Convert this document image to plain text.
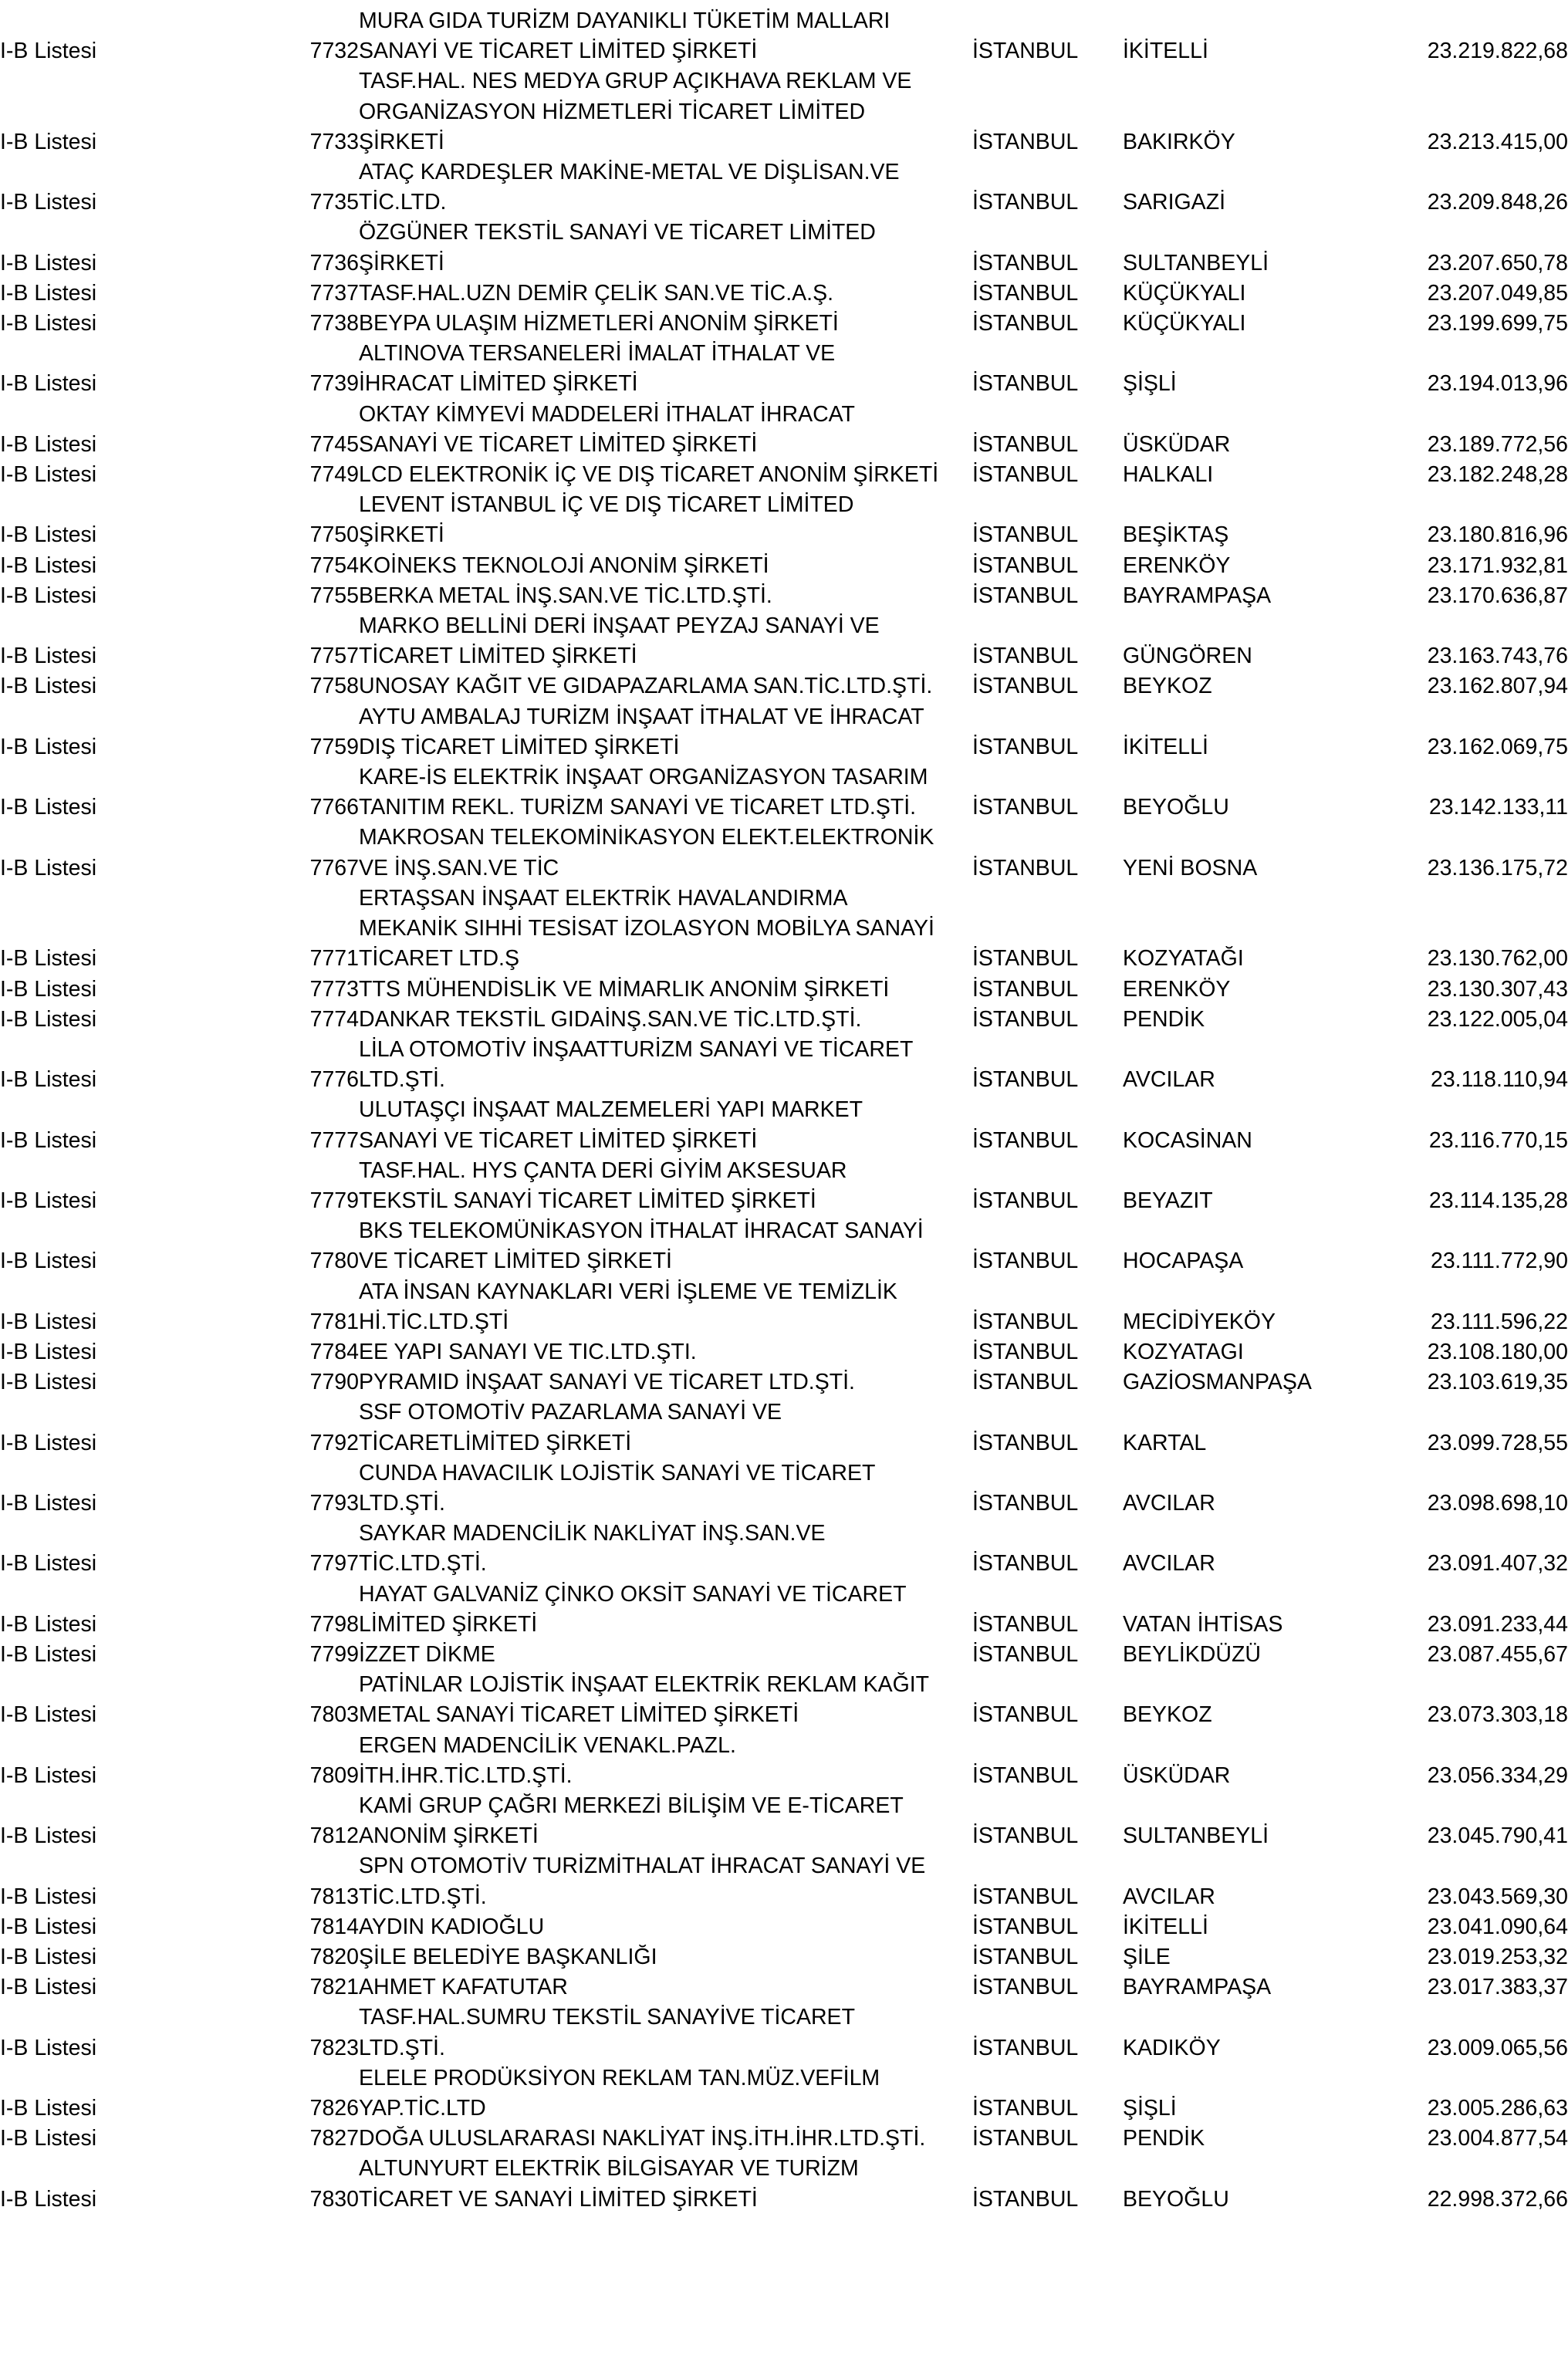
		MURA GIDA TURİZM DAYANIKLI TÜKETİM MALLARI			
I-B Listesi	7732	SANAYİ VE TİCARET LİMİTED ŞİRKETİ	İSTANBUL	İKİTELLİ	23.219.822,68
		TASF.HAL. NES MEDYA GRUP AÇIKHAVA REKLAM VE			
		ORGANİZASYON HİZMETLERİ TİCARET LİMİTED			
I-B Listesi	7733	ŞİRKETİ	İSTANBUL	BAKIRKÖY	23.213.415,00
		ATAÇ KARDEŞLER MAKİNE-METAL VE DİŞLİSAN.VE			
I-B Listesi	7735	TİC.LTD.	İSTANBUL	SARIGAZİ	23.209.848,26
		ÖZGÜNER TEKSTİL SANAYİ VE TİCARET LİMİTED			
I-B Listesi	7736	ŞİRKETİ	İSTANBUL	SULTANBEYLİ	23.207.650,78
I-B Listesi	7737	TASF.HAL.UZN DEMİR ÇELİK SAN.VE TİC.A.Ş.	İSTANBUL	KÜÇÜKYALI	23.207.049,85
I-B Listesi	7738	BEYPA ULAŞIM HİZMETLERİ ANONİM ŞİRKETİ	İSTANBUL	KÜÇÜKYALI	23.199.699,75
		ALTINOVA TERSANELERİ İMALAT İTHALAT VE			
I-B Listesi	7739	İHRACAT LİMİTED ŞİRKETİ	İSTANBUL	ŞİŞLİ	23.194.013,96
		OKTAY KİMYEVİ MADDELERİ İTHALAT İHRACAT			
I-B Listesi	7745	SANAYİ VE TİCARET LİMİTED ŞİRKETİ	İSTANBUL	ÜSKÜDAR	23.189.772,56
I-B Listesi	7749	LCD ELEKTRONİK İÇ VE DIŞ TİCARET ANONİM ŞİRKETİ	İSTANBUL	HALKALI	23.182.248,28
		LEVENT İSTANBUL İÇ VE DIŞ TİCARET LİMİTED			
I-B Listesi	7750	ŞİRKETİ	İSTANBUL	BEŞİKTAŞ	23.180.816,96
I-B Listesi	7754	KOİNEKS TEKNOLOJİ ANONİM ŞİRKETİ	İSTANBUL	ERENKÖY	23.171.932,81
I-B Listesi	7755	BERKA METAL İNŞ.SAN.VE TİC.LTD.ŞTİ.	İSTANBUL	BAYRAMPAŞA	23.170.636,87
		MARKO BELLİNİ DERİ İNŞAAT PEYZAJ SANAYİ VE			
I-B Listesi	7757	TİCARET LİMİTED ŞİRKETİ	İSTANBUL	GÜNGÖREN	23.163.743,76
I-B Listesi	7758	UNOSAY KAĞIT VE GIDAPAZARLAMA SAN.TİC.LTD.ŞTİ.	İSTANBUL	BEYKOZ	23.162.807,94
		AYTU AMBALAJ TURİZM İNŞAAT İTHALAT VE İHRACAT			
I-B Listesi	7759	DIŞ TİCARET LİMİTED ŞİRKETİ	İSTANBUL	İKİTELLİ	23.162.069,75
		KARE-İS ELEKTRİK İNŞAAT ORGANİZASYON TASARIM			
I-B Listesi	7766	TANITIM REKL. TURİZM SANAYİ VE TİCARET LTD.ŞTİ.	İSTANBUL	BEYOĞLU	23.142.133,11
		MAKROSAN TELEKOMİNİKASYON ELEKT.ELEKTRONİK			
I-B Listesi	7767	VE İNŞ.SAN.VE TİC	İSTANBUL	YENİ BOSNA	23.136.175,72
		ERTAŞSAN İNŞAAT ELEKTRİK HAVALANDIRMA			
		MEKANİK SIHHİ TESİSAT İZOLASYON MOBİLYA SANAYİ			
I-B Listesi	7771	TİCARET LTD.Ş	İSTANBUL	KOZYATAĞI	23.130.762,00
I-B Listesi	7773	TTS MÜHENDİSLİK VE MİMARLIK ANONİM ŞİRKETİ	İSTANBUL	ERENKÖY	23.130.307,43
I-B Listesi	7774	DANKAR TEKSTİL GIDAİNŞ.SAN.VE TİC.LTD.ŞTİ.	İSTANBUL	PENDİK	23.122.005,04
		LİLA OTOMOTİV İNŞAATTURİZM SANAYİ VE TİCARET			
I-B Listesi	7776	LTD.ŞTİ.	İSTANBUL	AVCILAR	23.118.110,94
		ULUTAŞÇI İNŞAAT MALZEMELERİ YAPI MARKET			
I-B Listesi	7777	SANAYİ VE TİCARET LİMİTED ŞİRKETİ	İSTANBUL	KOCASİNAN	23.116.770,15
		TASF.HAL. HYS ÇANTA DERİ GİYİM AKSESUAR			
I-B Listesi	7779	TEKSTİL SANAYİ TİCARET LİMİTED ŞİRKETİ	İSTANBUL	BEYAZIT	23.114.135,28
		BKS TELEKOMÜNİKASYON İTHALAT İHRACAT SANAYİ			
I-B Listesi	7780	VE TİCARET LİMİTED ŞİRKETİ	İSTANBUL	HOCAPAŞA	23.111.772,90
		ATA İNSAN KAYNAKLARI VERİ İŞLEME VE TEMİZLİK			
I-B Listesi	7781	Hİ.TİC.LTD.ŞTİ	İSTANBUL	MECİDİYEKÖY	23.111.596,22
I-B Listesi	7784	EE YAPI SANAYI VE TIC.LTD.ŞTI.	İSTANBUL	KOZYATAGI	23.108.180,00
I-B Listesi	7790	PYRAMID İNŞAAT SANAYİ VE TİCARET LTD.ŞTİ.	İSTANBUL	GAZİOSMANPAŞA	23.103.619,35
		SSF OTOMOTİV PAZARLAMA SANAYİ VE			
I-B Listesi	7792	TİCARETLİMİTED ŞİRKETİ	İSTANBUL	KARTAL	23.099.728,55
		CUNDA HAVACILIK LOJİSTİK SANAYİ VE TİCARET			
I-B Listesi	7793	LTD.ŞTİ.	İSTANBUL	AVCILAR	23.098.698,10
		SAYKAR MADENCİLİK NAKLİYAT İNŞ.SAN.VE			
I-B Listesi	7797	TİC.LTD.ŞTİ.	İSTANBUL	AVCILAR	23.091.407,32
		HAYAT GALVANİZ ÇİNKO OKSİT SANAYİ VE TİCARET			
I-B Listesi	7798	LİMİTED ŞİRKETİ	İSTANBUL	VATAN İHTİSAS	23.091.233,44
I-B Listesi	7799	İZZET DİKME	İSTANBUL	BEYLİKDÜZÜ	23.087.455,67
		PATİNLAR LOJİSTİK İNŞAAT ELEKTRİK REKLAM KAĞIT			
I-B Listesi	7803	METAL SANAYİ TİCARET LİMİTED ŞİRKETİ	İSTANBUL	BEYKOZ	23.073.303,18
		ERGEN MADENCİLİK VENAKL.PAZL.			
I-B Listesi	7809	İTH.İHR.TİC.LTD.ŞTİ.	İSTANBUL	ÜSKÜDAR	23.056.334,29
		KAMİ GRUP ÇAĞRI MERKEZİ BİLİŞİM VE E-TİCARET			
I-B Listesi	7812	ANONİM ŞİRKETİ	İSTANBUL	SULTANBEYLİ	23.045.790,41
		SPN OTOMOTİV TURİZMİTHALAT İHRACAT SANAYİ VE			
I-B Listesi	7813	TİC.LTD.ŞTİ.	İSTANBUL	AVCILAR	23.043.569,30
I-B Listesi	7814	AYDIN KADIOĞLU	İSTANBUL	İKİTELLİ	23.041.090,64
I-B Listesi	7820	ŞİLE BELEDİYE BAŞKANLIĞI	İSTANBUL	ŞİLE	23.019.253,32
I-B Listesi	7821	AHMET KAFATUTAR	İSTANBUL	BAYRAMPAŞA	23.017.383,37
		TASF.HAL.SUMRU TEKSTİL SANAYİVE TİCARET			
I-B Listesi	7823	LTD.ŞTİ.	İSTANBUL	KADIKÖY	23.009.065,56
		ELELE PRODÜKSİYON REKLAM TAN.MÜZ.VEFİLM			
I-B Listesi	7826	YAP.TİC.LTD	İSTANBUL	ŞİŞLİ	23.005.286,63
I-B Listesi	7827	DOĞA ULUSLARARASI NAKLİYAT İNŞ.İTH.İHR.LTD.ŞTİ.	İSTANBUL	PENDİK	23.004.877,54
		ALTUNYURT ELEKTRİK BİLGİSAYAR VE TURİZM			
I-B Listesi	7830	TİCARET VE SANAYİ LİMİTED ŞİRKETİ	İSTANBUL	BEYOĞLU	22.998.372,66
